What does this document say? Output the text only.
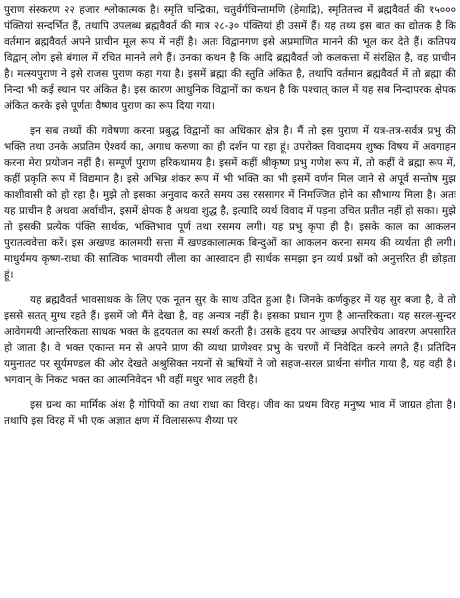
पुराण संस्करण २२ हजार श्लोकात्मक है। स्मृति चन्द्रिका, चतुर्वर्गचिन्तामणि (हेमाद्रि), स्मृतितत्त्व में ब्रह्मवैवर्त की १५००० पंक्तियां सन्दर्भित हैं, तथापि उपलब्ध ब्रह्मवैवर्त की मात्र २८-३० पंक्तियां ही उसमें हैं। यह तथ्य इस बात का द्योतक है कि वर्तमान ब्रह्मवैवर्त अपने प्राचीन मूल रूप में नहीं है। अतः विद्वानगण इसे अप्रमाणित मानने की भूल कर देते हैं। कतिपय विद्वान् लोग इसे बंगाल में रचित मानने लगे हैं। उनका कथन है कि आदि ब्रह्मवैवर्त जो कलकत्ता में संरक्षित है, वह प्राचीन है। मत्स्यपुराण ने इसे राजस पुराण कहा गया है। इसमें ब्रह्मा की स्तुति अंकित है, तथापि वर्तमान ब्रह्मवैवर्त में तो ब्रह्मा की निन्दा भी कई स्थान पर अंकित है। इस कारण आधुनिक विद्वानों का कथन है कि पश्चात् काल में यह सब निन्दापरक क्षेपक अंकित करके इसे पूर्णतः वैष्णव पुराण का रूप दिया गया।

इन सब तथ्यों की गवेषणा करना प्रबुद्ध विद्वानों का अधिकार क्षेत्र है। मैं तो इस पुराण में यत्र-तत्र-सर्वत्र प्रभु की भक्ति तथा उनके अप्रतिम ऐश्वर्य का, अगाध करुणा का ही दर्शन पा रहा हूं। उपरोक्त विवादमय शुष्क विषय में अवगाहन करना मेरा प्रयोजन नहीं है। सम्पूर्ण पुराण हरिकथामय है। इसमें कहीं श्रीकृष्ण प्रभु गणेश रूप में, तो कहीं वे ब्रह्मा रूप में, कहीं प्रकृति रूप में विद्यमान है। इसे अभिन्न शंकर रूप में भी भक्ति का भी इसमें वर्णन मिल जाने से अपूर्व सन्तोष मुझ काशीवासी को हो रहा है। मुझे तो इसका अनुवाद करते समय उस रससागर में निमज्जित होने का सौभाग्य मिला है। अतः यह प्राचीन है अथवा अर्वाचीन, इसमें क्षेपक है अथवा शुद्ध है, इत्यादि व्यर्थ विवाद में पड़ना उचित प्रतीत नहीं हो सका। मुझे तो इसकी प्रत्येक पंक्ति सार्थक, भक्तिभाव पूर्ण तथा रसमय लगी। यह प्रभु कृपा ही है। इसके काल का आकलन पुरातत्ववेत्ता करें। इस अखण्ड कालमयी सत्ता में खण्डकालात्मक बिन्दुओं का आकलन करना समय की व्यर्थता ही लगी। माधुर्यमय कृष्ण-राधा की सात्विक भावमयी लीला का आस्वादन ही सार्थक समझा इन व्यर्थ प्रश्नों को अनुत्तरित ही छोड़ता हूं।

यह ब्रह्मवैवर्त भावसाधक के लिए एक नूतन सुर के साथ उदित हुआ है। जिनके कर्णकुहर में यह सुर बजा है, वे तो इससे सतत् मुग्ध रहते हैं। इसमें जो मैंने देखा है, वह अन्यत्र नहीं है। इसका प्रधान गुण है आन्तरिकता। यह सरल-सुन्दर आवेगमयी आन्तरिकता साधक भक्त के हृदयतल का स्पर्श करती है। उसके हृदय पर आच्छन्न अपरिचेय आवरण अपसारित हो जाता है। वे भक्त एकान्त मन से अपने प्राण की व्यथा प्राणेश्वर प्रभु के चरणों में निवेदित करने लगते हैं। प्रतिदिन यमुनातट पर सूर्यमण्डल की ओर देखते अश्रुसिक्त नयनों से ऋषियों ने जो सहज-सरल प्रार्थना संगीत गाया है, यह वही है। भगवान् के निकट भक्त का आत्मनिवेदन भी वहीं मधुर भाव लहरी है।

इस ग्रन्थ का मार्मिक अंश है गोपियों का तथा राधा का विरह। जीव का प्रथम विरह मनुष्य भाव में जाग्रत होता है। तथापि इस विरह में भी एक अज्ञात क्षण में विलासरूप शैय्या पर
